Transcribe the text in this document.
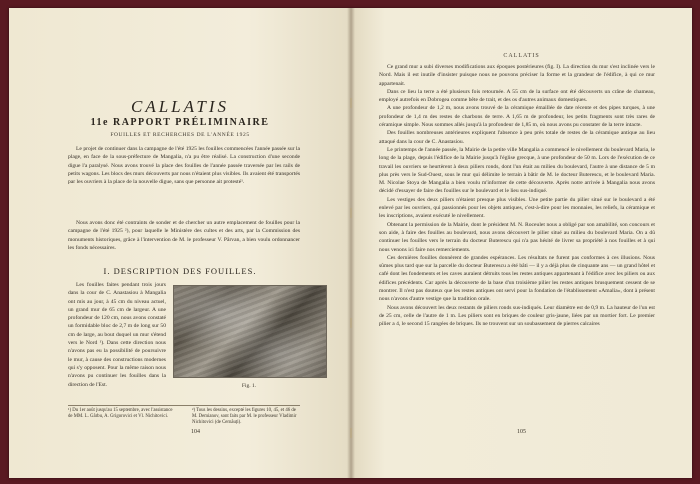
CALLATIS
11e RAPPORT PRÉLIMINAIRE
FOUILLES ET RECHERCHES DE L'ANNÉE 1925
Le projet de continuer dans la campagne de l'été 1925 les fouilles commencées l'année passée sur la plage, en face de la sous-préfecture de Mangalia, n'a pu être réalisé. La construction d'une seconde digue l'a paralysé. Nous avons trouvé la place des fouilles de l'année passée traversée par les rails de petits wagons. Les blocs des murs découverts par nous n'étaient plus visibles. Ils avaient été transportés par les ouvriers à la place de la nouvelle digue, sans que personne ait protesté¹.
Nous avons donc été contraints de sonder et de chercher un autre emplacement de fouilles pour la campagne de l'été 1925 ²), pour laquelle le Ministère des cultes et des arts, par la Commission des monuments historiques, grâce à l'intervention de M. le professeur V. Pârvan, a bien voulu ordonnancer les fonds nécessaires.
I. DESCRIPTION DES FOUILLES.
Les fouilles faites pendant trois jours dans la cour de C. Anastasiou à Mangalia ont mis au jour, à 45 cm du niveau actuel, un grand mur de 65 cm de largeur. A une profondeur de 120 cm, nous avons constaté un formidable bloc de 2,7 m de long sur 50 cm de large, au bout duquel un mur s'étend vers le Nord ¹). Dans cette direction nous n'avons pas eu la possibilité de poursuivre le mur, à cause des constructions modernes qui s'y opposent. Pour la même raison nous n'avons pu continuer les fouilles dans la direction de l'Est.	Fig. 1.
¹) Du 1er août jusqu'au 15 septembre, avec l'assistance de MM. L. Gârbu, A. Grigorovici et Vl. Nichitovici.
²) Tous les dessins, excepté les figures 10, 45, et 46 de M. Demianov, sont faits par M. le professeur Vladimir Nichitovici (de Cernăuți).
104
CALLATIS

Ce grand mur a subi diverses modifications aux époques postérieures (fig. I). La direction du mur s'est inclinée vers le Nord. Mais il est inutile d'insister puisque nous ne pouvons préciser la forme et la grandeur de l'édifice, à qui ce mur appartenait.

Dans ce lieu la terre a été plusieurs fois retournée. A 55 cm de la surface ont été découverts un crâne de chameau, employé autrefois en Dobrogea comme bête de trait, et des os d'autres animaux domestiques.

A une profondeur de 1,2 m, nous avons trouvé de la céramique émaillée de date récente et des pipes turques, à une profondeur de 1,4 m des restes de charbons de terre. A 1,65 m de profondeur, les petits fragments sont très rares de céramique simple. Nous sommes allés jusqu'à la profondeur de 1,85 m, où nous avons pu constater de la terre intacte.

Des fouilles nombreuses antérieures expliquent l'absence à peu près totale de restes de la céramique antique au lieu attaqué dans la cour de C. Anastasiou.

Le printemps de l'année passée, la Mairie de la petite ville Mangalia a commencé le nivellement du boulevard Maria, le long de la plage, depuis l'édifice de la Mairie jusqu'à l'église grecque, à une profondeur de 50 m. Lors de l'exécution de ce travail les ouvriers se heurtèrent à deux piliers ronds, dont l'un était au milieu du boulevard, l'autre à une distance de 5 m plus près vers le Sud-Ouest, sous le mur qui délimite le terrain à bâtir de M. le docteur Buterescu, et le boulevard Maria. M. Nicolae Stoya de Mangalia a bien voulu m'informer de cette découverte. Après notre arrivée à Mangalia nous avons décidé d'essayer de faire des fouilles sur le boulevard et le lieu sus-indiqué.

Les vestiges des deux piliers n'étaient presque plus visibles. Une petite partie du pilier situé sur le boulevard a été enlevé par les ouvriers, qui passionnés pour les objets antiques, c'est-à-dire pour les monnaies, les reliefs, la céramique et les inscriptions, avaient exécuté le nivellement.

Obtenant la permission de la Mairie, dont le président M. N. Roceulet nous a obligé par son amabilité, son concours et son aide, à faire des fouilles au boulevard, nous avons découvert le pilier situé au milieu du boulevard Maria. On a dû continuer les fouilles vers le terrain du docteur Buterescu qui n'a pas hésité de livrer sa propriété à nos fouilles et à qui nous venons ici faire nos remerciements.

Ces dernières fouilles donnèrent de grandes espérances. Les résultats ne furent pas conformes à ces illusions. Nous sûmes plus tard que sur la parcelle du docteur Buterescu a été bâti — il y a déjà plus de cinquante ans — un grand hôtel et café dont les fondements et les caves auraient détruits tous les restes antiques appartenant à l'édifice avec les piliers ou aux édifices précédents. Car après la découverte de la base d'un troisième pilier les restes antiques brusquement cessent de se montrer. Il n'est pas douteux que les restes antiques ont servi pour la fondation de l'établissement «Amalia», dont à présent nous n'avons d'autre vestige que la tradition orale.

Nous avons découvert les deux restants de piliers ronds sus-indiqués. Leur diamètre est de 0,9 m. La hauteur de l'un est de 25 cm, celle de l'autre de 1 m. Les piliers sont en briques de couleur gris-jaune, liées par un mortier fort. Le premier pilier a 4, le second 15 rangées de briques. Ils ne trouvent sur un soubassement de pierres calcaires

105
